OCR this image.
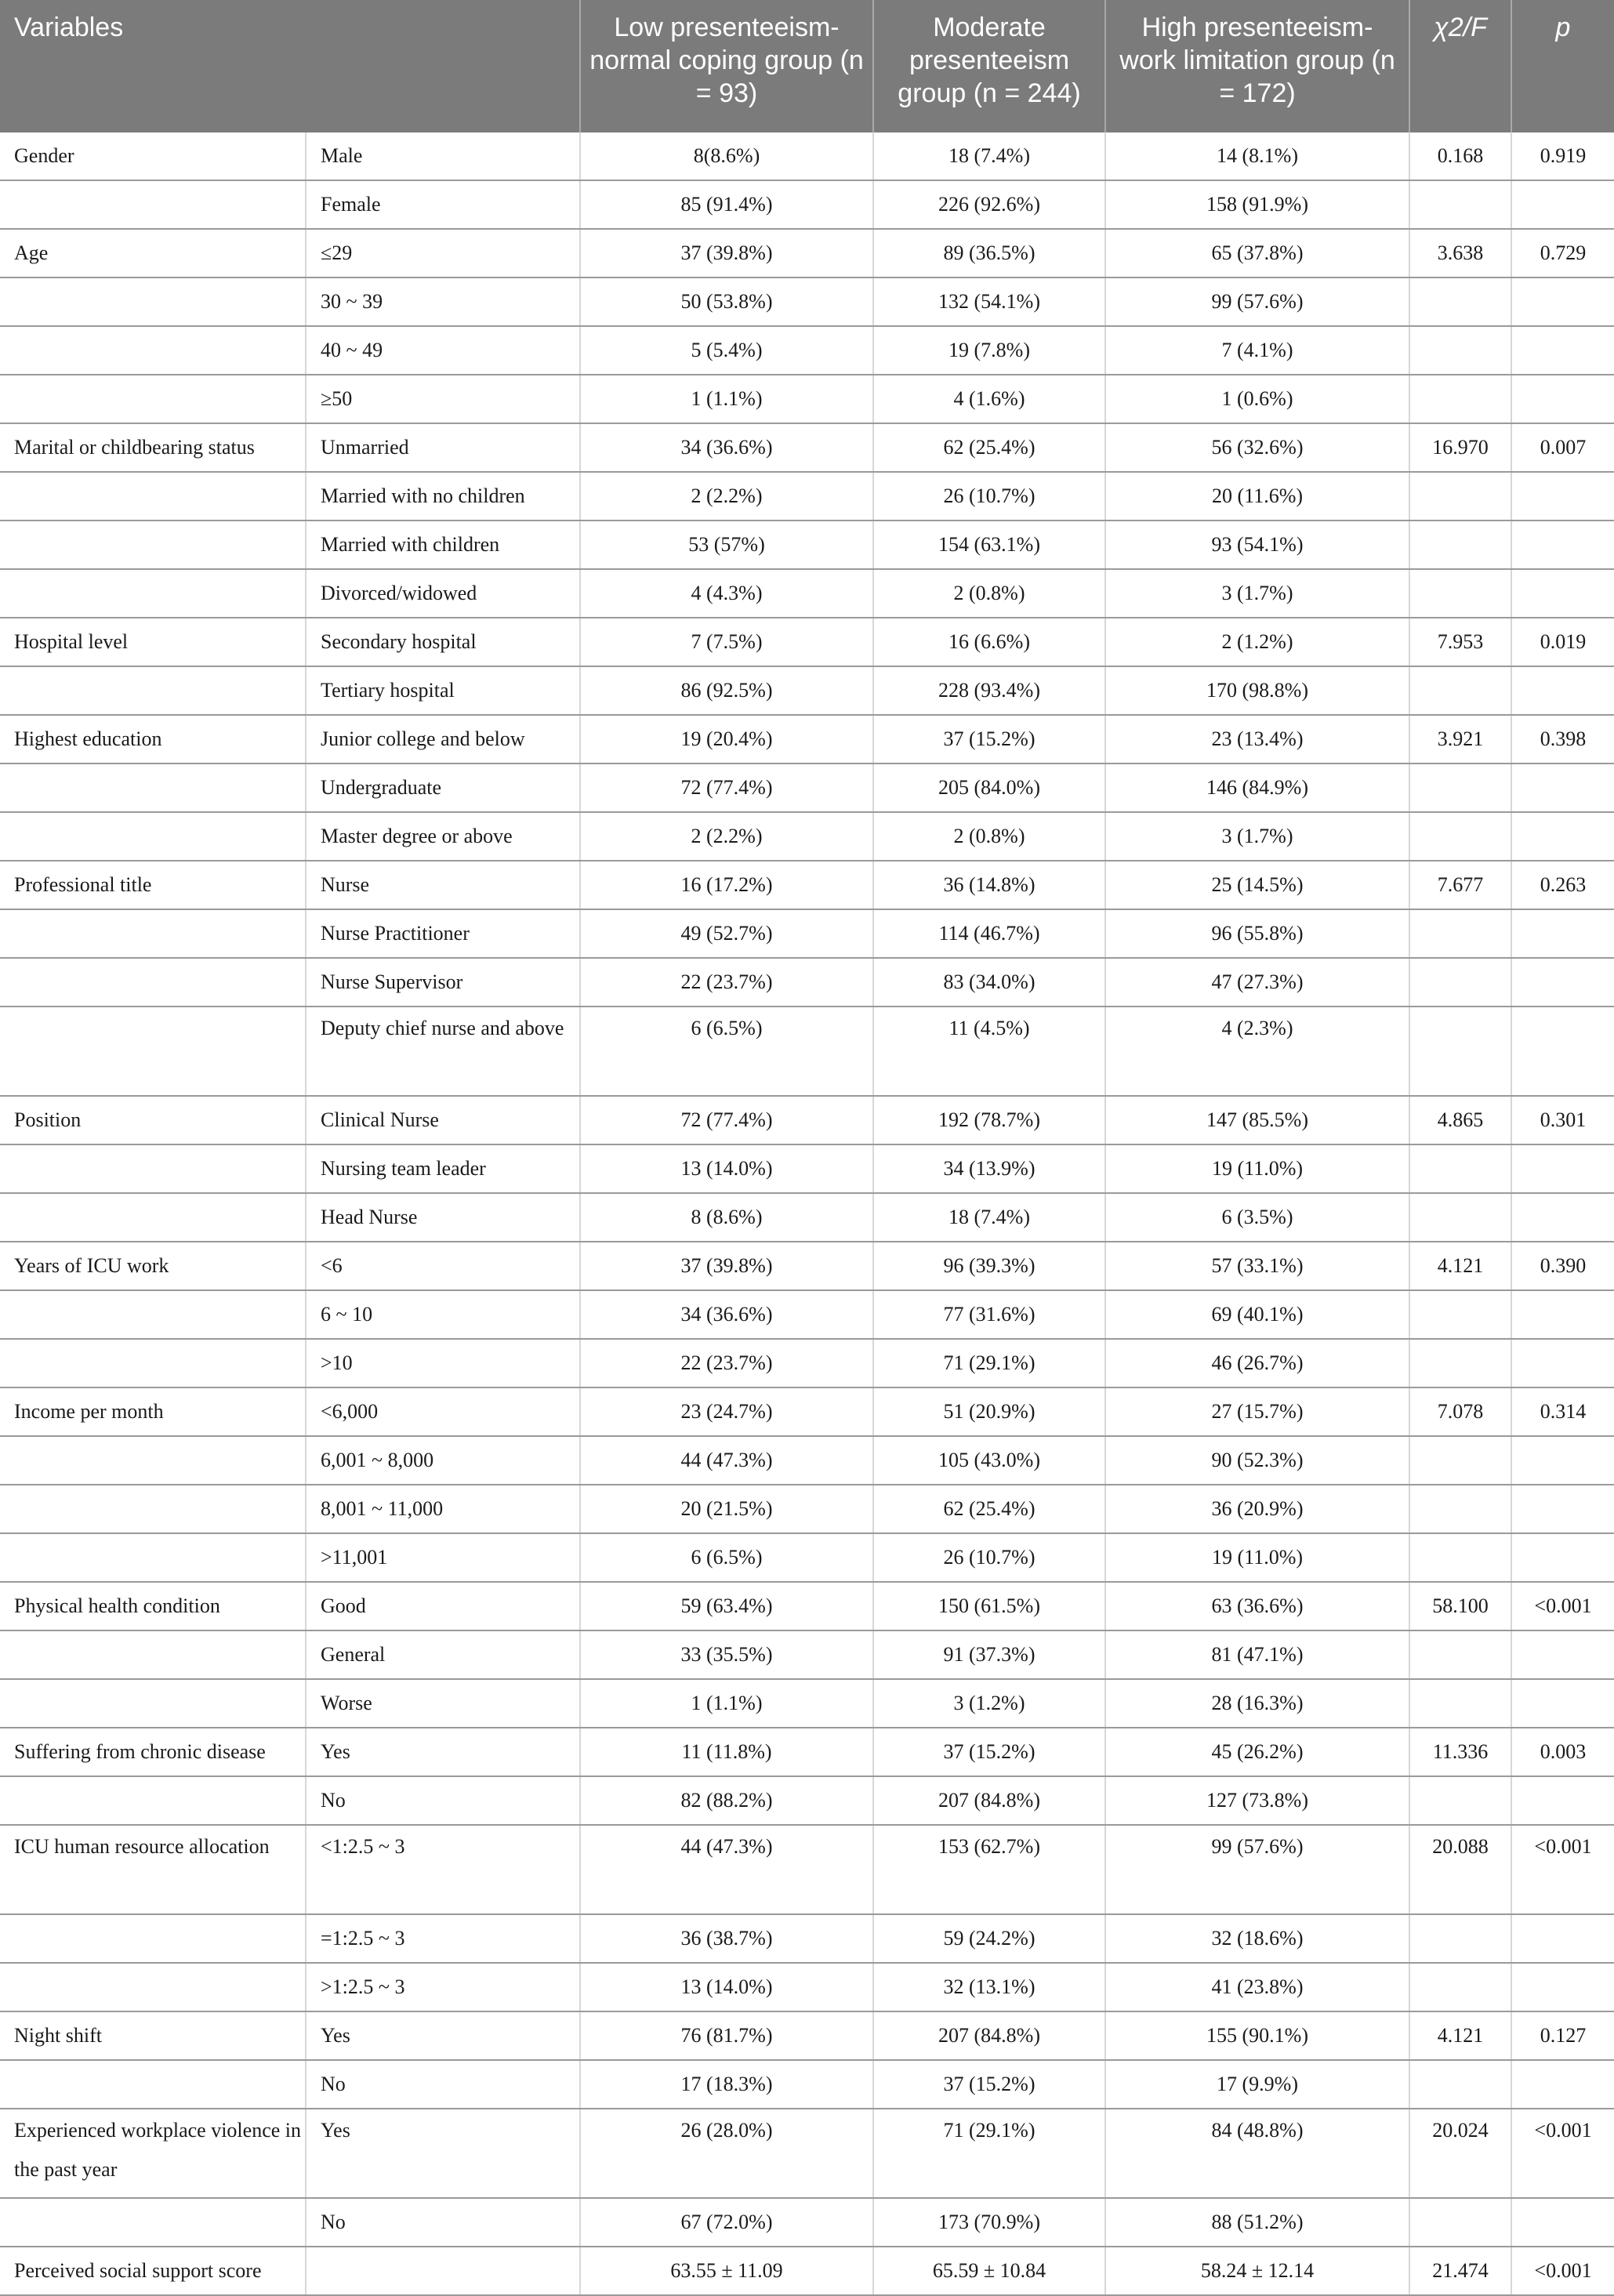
Variables		Low presenteeism-normal coping group (n = 93)	Moderate presenteeism group (n = 244)	High presenteeism-work limitation group (n = 172)	χ2/F	p
Gender	Male	8(8.6%)	18 (7.4%)	14 (8.1%)	0.168	0.919
	Female	85 (91.4%)	226 (92.6%)	158 (91.9%)		
Age	≤29	37 (39.8%)	89 (36.5%)	65 (37.8%)	3.638	0.729
	30 ~ 39	50 (53.8%)	132 (54.1%)	99 (57.6%)		
	40 ~ 49	5 (5.4%)	19 (7.8%)	7 (4.1%)		
	≥50	1 (1.1%)	4 (1.6%)	1 (0.6%)		
Marital or childbearing status	Unmarried	34 (36.6%)	62 (25.4%)	56 (32.6%)	16.970	0.007
	Married with no children	2 (2.2%)	26 (10.7%)	20 (11.6%)		
	Married with children	53 (57%)	154 (63.1%)	93 (54.1%)		
	Divorced/widowed	4 (4.3%)	2 (0.8%)	3 (1.7%)		
Hospital level	Secondary hospital	7 (7.5%)	16 (6.6%)	2 (1.2%)	7.953	0.019
	Tertiary hospital	86 (92.5%)	228 (93.4%)	170 (98.8%)		
Highest education	Junior college and below	19 (20.4%)	37 (15.2%)	23 (13.4%)	3.921	0.398
	Undergraduate	72 (77.4%)	205 (84.0%)	146 (84.9%)		
	Master degree or above	2 (2.2%)	2 (0.8%)	3 (1.7%)		
Professional title	Nurse	16 (17.2%)	36 (14.8%)	25 (14.5%)	7.677	0.263
	Nurse Practitioner	49 (52.7%)	114 (46.7%)	96 (55.8%)		
	Nurse Supervisor	22 (23.7%)	83 (34.0%)	47 (27.3%)		
	Deputy chief nurse and above	6 (6.5%)	11 (4.5%)	4 (2.3%)		
Position	Clinical Nurse	72 (77.4%)	192 (78.7%)	147 (85.5%)	4.865	0.301
	Nursing team leader	13 (14.0%)	34 (13.9%)	19 (11.0%)		
	Head Nurse	8 (8.6%)	18 (7.4%)	6 (3.5%)		
Years of ICU work	<6	37 (39.8%)	96 (39.3%)	57 (33.1%)	4.121	0.390
	6 ~ 10	34 (36.6%)	77 (31.6%)	69 (40.1%)		
	>10	22 (23.7%)	71 (29.1%)	46 (26.7%)		
Income per month	<6,000	23 (24.7%)	51 (20.9%)	27 (15.7%)	7.078	0.314
	6,001 ~ 8,000	44 (47.3%)	105 (43.0%)	90 (52.3%)		
	8,001 ~ 11,000	20 (21.5%)	62 (25.4%)	36 (20.9%)		
	>11,001	6 (6.5%)	26 (10.7%)	19 (11.0%)		
Physical health condition	Good	59 (63.4%)	150 (61.5%)	63 (36.6%)	58.100	<0.001
	General	33 (35.5%)	91 (37.3%)	81 (47.1%)		
	Worse	1 (1.1%)	3 (1.2%)	28 (16.3%)		
Suffering from chronic disease	Yes	11 (11.8%)	37 (15.2%)	45 (26.2%)	11.336	0.003
	No	82 (88.2%)	207 (84.8%)	127 (73.8%)		
ICU human resource allocation	<1:2.5 ~ 3	44 (47.3%)	153 (62.7%)	99 (57.6%)	20.088	<0.001
	=1:2.5 ~ 3	36 (38.7%)	59 (24.2%)	32 (18.6%)		
	>1:2.5 ~ 3	13 (14.0%)	32 (13.1%)	41 (23.8%)		
Night shift	Yes	76 (81.7%)	207 (84.8%)	155 (90.1%)	4.121	0.127
	No	17 (18.3%)	37 (15.2%)	17 (9.9%)		
Experienced workplace violence in the past year	Yes	26 (28.0%)	71 (29.1%)	84 (48.8%)	20.024	<0.001
	No	67 (72.0%)	173 (70.9%)	88 (51.2%)		
Perceived social support score		63.55 ± 11.09	65.59 ± 10.84	58.24 ± 12.14	21.474	<0.001
